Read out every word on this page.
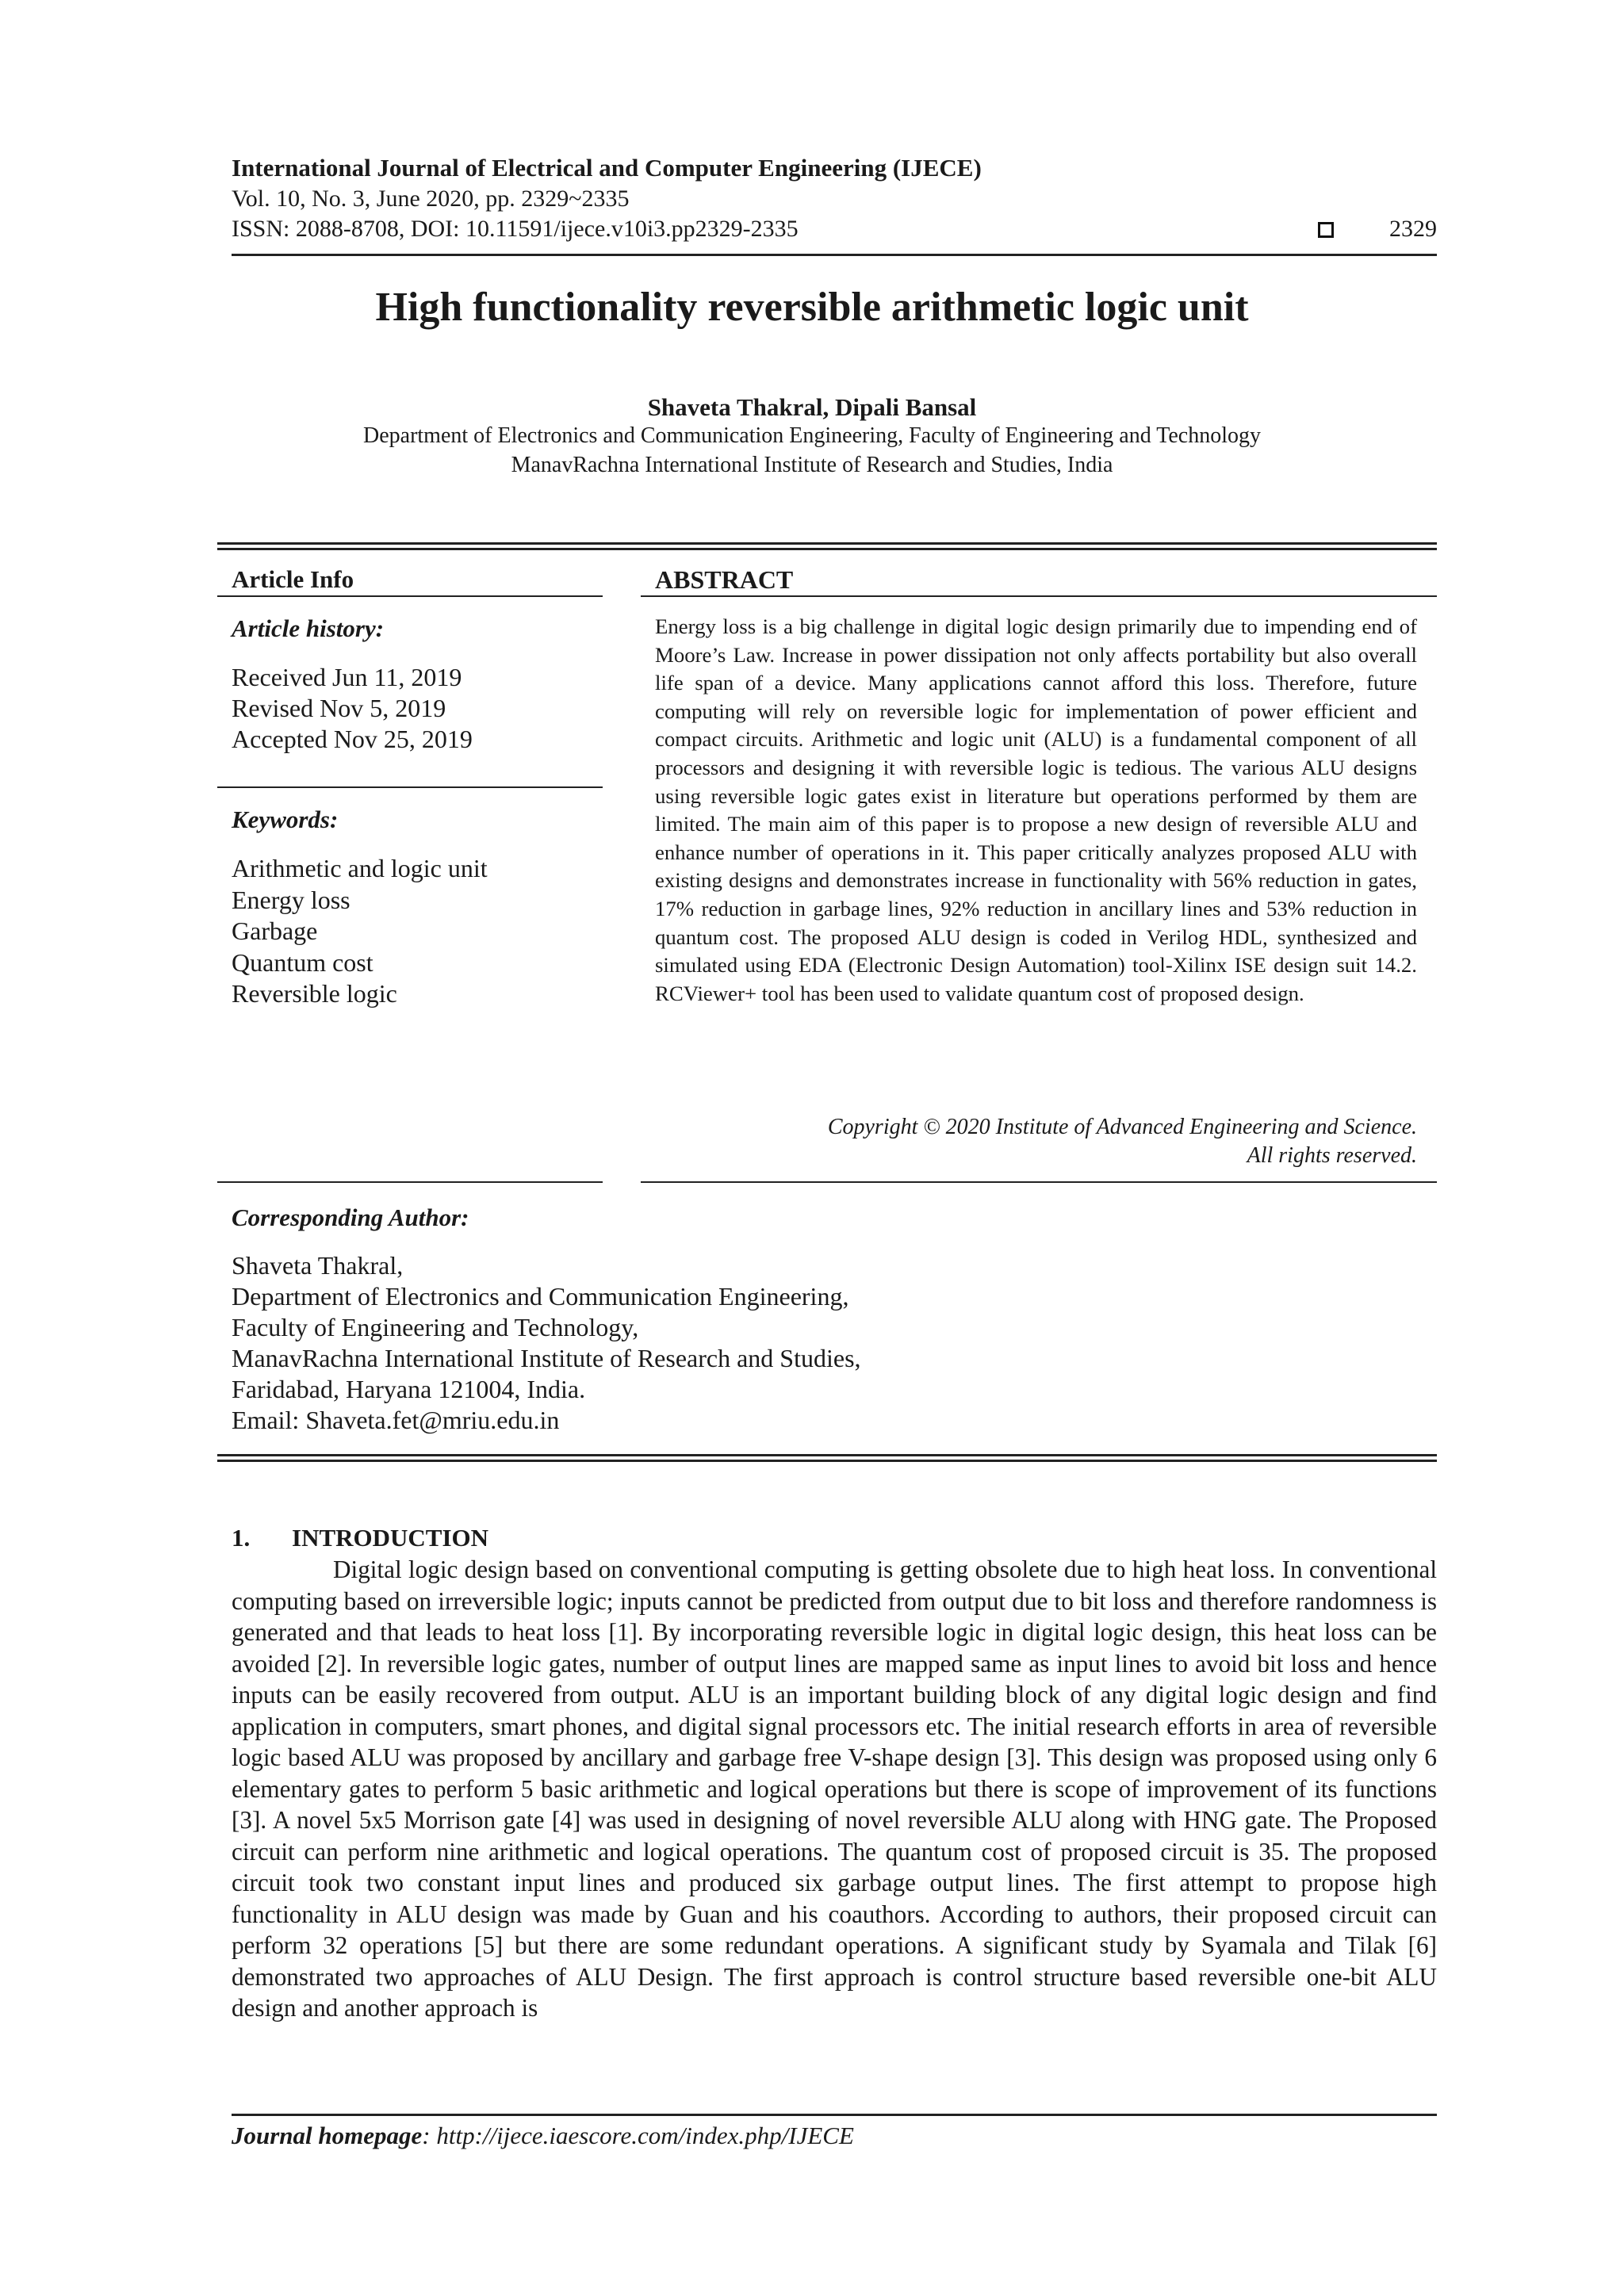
International Journal of Electrical and Computer Engineering (IJECE)
Vol. 10, No. 3, June 2020, pp. 2329~2335
ISSN: 2088-8708, DOI: 10.11591/ijece.v10i3.pp2329-2335	2329
High functionality reversible arithmetic logic unit
Shaveta Thakral, Dipali Bansal
Department of Electronics and Communication Engineering, Faculty of Engineering and Technology
ManavRachna International Institute of Research and Studies, India
Article Info
Article history:
Received Jun 11, 2019
Revised Nov 5, 2019
Accepted Nov 25, 2019
Keywords:
Arithmetic and logic unit
Energy loss
Garbage
Quantum cost
Reversible logic
ABSTRACT
Energy loss is a big challenge in digital logic design primarily due to impending end of Moore’s Law. Increase in power dissipation not only affects portability but also overall life span of a device. Many applications cannot afford this loss. Therefore, future computing will rely on reversible logic for implementation of power efficient and compact circuits. Arithmetic and logic unit (ALU) is a fundamental component of all processors and designing it with reversible logic is tedious. The various ALU designs using reversible logic gates exist in literature but operations performed by them are limited. The main aim of this paper is to propose a new design of reversible ALU and enhance number of operations in it. This paper critically analyzes proposed ALU with existing designs and demonstrates increase in functionality with 56% reduction in gates, 17% reduction in garbage lines, 92% reduction in ancillary lines and 53% reduction in quantum cost. The proposed ALU design is coded in Verilog HDL, synthesized and simulated using EDA (Electronic Design Automation) tool-Xilinx ISE design suit 14.2. RCViewer+ tool has been used to validate quantum cost of proposed design.
Copyright © 2020 Institute of Advanced Engineering and Science.
All rights reserved.
Corresponding Author:
Shaveta Thakral,
Department of Electronics and Communication Engineering,
Faculty of Engineering and Technology,
ManavRachna International Institute of Research and Studies,
Faridabad, Haryana 121004, India.
Email: Shaveta.fet@mriu.edu.in
1. INTRODUCTION
Digital logic design based on conventional computing is getting obsolete due to high heat loss. In conventional computing based on irreversible logic; inputs cannot be predicted from output due to bit loss and therefore randomness is generated and that leads to heat loss [1]. By incorporating reversible logic in digital logic design, this heat loss can be avoided [2]. In reversible logic gates, number of output lines are mapped same as input lines to avoid bit loss and hence inputs can be easily recovered from output. ALU is an important building block of any digital logic design and find application in computers, smart phones, and digital signal processors etc. The initial research efforts in area of reversible logic based ALU was proposed by ancillary and garbage free V-shape design [3]. This design was proposed using only 6 elementary gates to perform 5 basic arithmetic and logical operations but there is scope of improvement of its functions [3]. A novel 5x5 Morrison gate [4] was used in designing of novel reversible ALU along with HNG gate. The Proposed circuit can perform nine arithmetic and logical operations. The quantum cost of proposed circuit is 35. The proposed circuit took two constant input lines and produced six garbage output lines. The first attempt to propose high functionality in ALU design was made by Guan and his coauthors. According to authors, their proposed circuit can perform 32 operations [5] but there are some redundant operations. A significant study by Syamala and Tilak [6] demonstrated two approaches of ALU Design. The first approach is control structure based reversible one-bit ALU design and another approach is
Journal homepage: http://ijece.iaescore.com/index.php/IJECE
